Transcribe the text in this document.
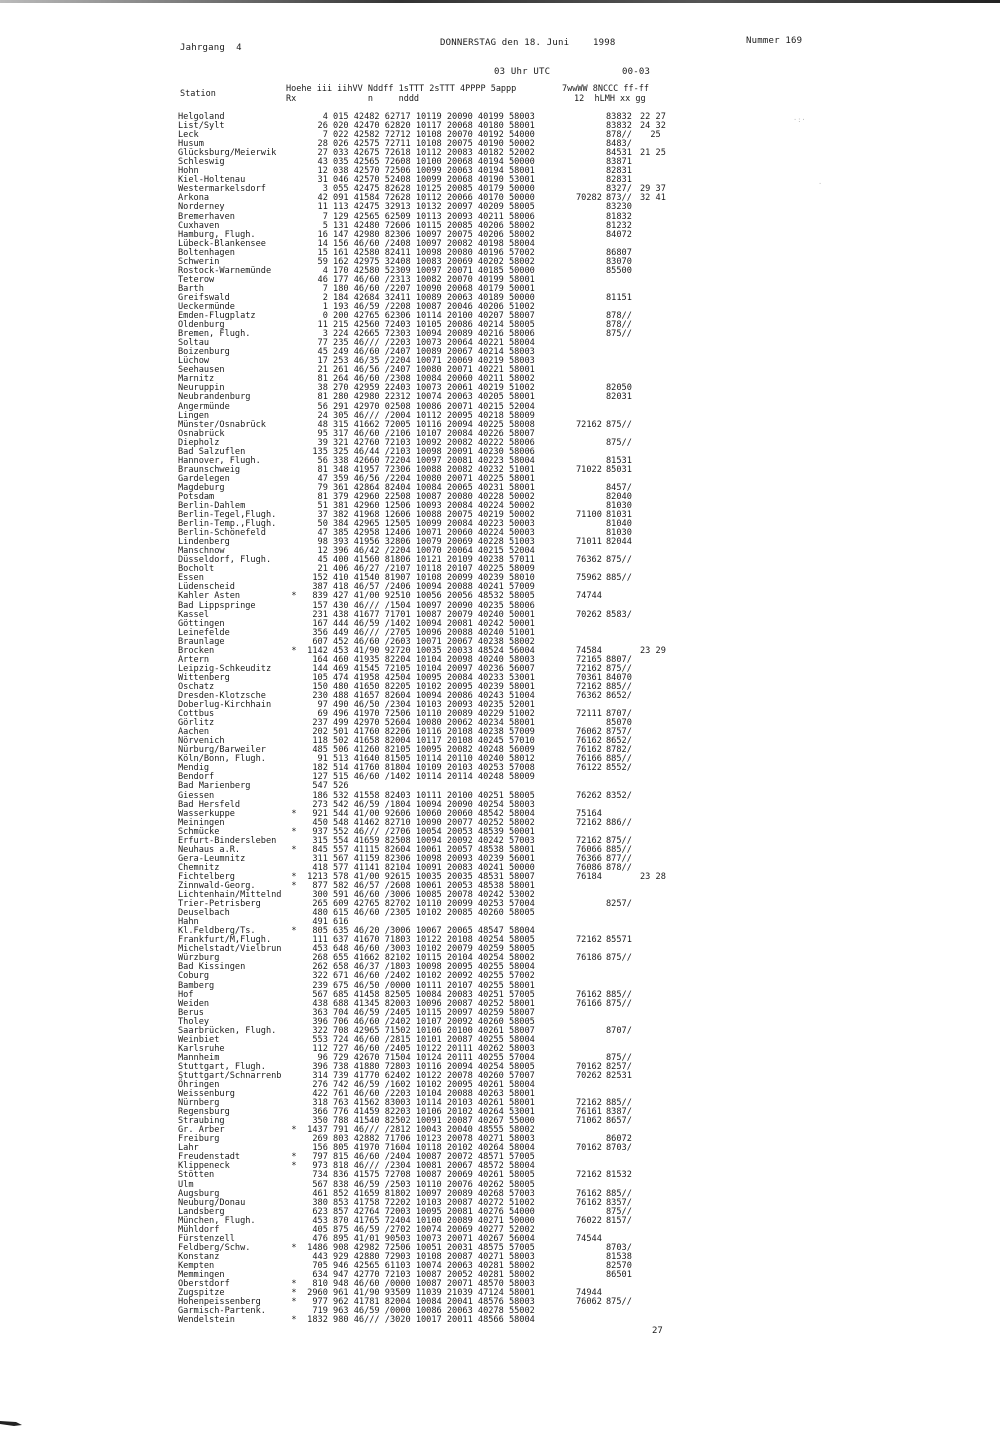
Jahrgang  4	DONNERSTAG den 18. Juni	1998	Nummer 169
03 Uhr UTC	00-03
Station	Hoehe iii iihVV Nddff 1sTTT 2sTTT 4PPPP 5appp
Rx              n     nddd
7wwWW 8NCCC ff-ff
12  hLMH xx gg
Helgoland		4 015 42482 62717 10119 20090 40199 58003		83832	22 27
List/Sylt		26 020 42470 62820 10117 20068 40180 58001		83832	24 32
Leck		7 022 42582 72712 10108 20070 40192 54000		878//	25
Husum		28 026 42575 72711 10108 20075 40190 50002		8483/	
Glücksburg/Meierwik		27 033 42675 72618 10112 20083 40182 52002		84531	21 25
Schleswig		43 035 42565 72608 10100 20068 40194 50000		83871	
Hohn		12 038 42570 72506 10099 20063 40194 58001		82831	
Kiel-Holtenau		31 046 42570 52408 10099 20068 40190 53001		82831	
Westermarkelsdorf		3 055 42475 82628 10125 20085 40179 50000		8327/	29 37
Arkona		42 091 41584 72628 10112 20066 40170 50000	70282	873//	32 41
Norderney		11 113 42475 32913 10132 20097 40209 58005		83230	
Bremerhaven		7 129 42565 62509 10113 20093 40211 58006		81832	
Cuxhaven		5 131 42480 72606 10115 20085 40206 58002		81232	
Hamburg, Flugh.		16 147 42980 82306 10097 20075 40206 58002		84072	
Lübeck-Blankensee		14 156 46/60 /2408 10097 20082 40198 58004			
Boltenhagen		15 161 42580 82411 10098 20080 40196 57002		86807	
Schwerin		59 162 42975 32408 10083 20069 40202 58002		83070	
Rostock-Warnemünde		4 170 42580 52309 10097 20071 40185 50000		85500	
Teterow		46 177 46/60 /2313 10082 20070 40199 58001			
Barth		7 180 46/60 /2207 10090 20068 40179 50001			
Greifswald		2 184 42684 32411 10089 20063 40189 50000		81151	
Ueckermünde		1 193 46/59 /2208 10087 20046 40206 51002			
Emden-Flugplatz		0 200 42765 62306 10114 20100 40207 58007		878//	
Oldenburg		11 215 42560 72403 10105 20086 40214 58005		878//	
Bremen, Flugh.		3 224 42665 72303 10094 20089 40216 58006		875//	
Soltau		77 235 46/// /2203 10073 20064 40221 58004			
Boizenburg		45 249 46/60 /2407 10089 20067 40214 58003			
Lüchow		17 253 46/35 /2204 10071 20069 40219 58003			
Seehausen		21 261 46/56 /2407 10080 20071 40221 58001			
Marnitz		81 264 46/60 /2308 10084 20060 40211 58002			
Neuruppin		38 270 42959 22403 10073 20061 40219 51002		82050	
Neubrandenburg		81 280 42980 22312 10074 20063 40205 58001		82031	
Angermünde		56 291 42970 02508 10086 20071 40215 52004			
Lingen		24 305 46/// /2004 10112 20095 40218 58009			
Münster/Osnabrück		48 315 41662 72005 10116 20094 40225 58008	72162	875//	
Osnabrück		95 317 46/60 /2106 10107 20084 40226 58007			
Diepholz		39 321 42760 72103 10092 20082 40222 58006		875//	
Bad Salzuflen		135 325 46/44 /2103 10098 20091 40230 58006			
Hannover, Flugh.		56 338 42660 72204 10097 20081 40223 58004		81531	
Braunschweig		81 348 41957 72306 10088 20082 40232 51001	71022	85031	
Gardelegen		47 359 46/56 /2204 10080 20071 40225 58001			
Magdeburg		79 361 42864 82404 10084 20065 40231 58001		8457/	
Potsdam		81 379 42960 22508 10087 20080 40228 50002		82040	
Berlin-Dahlem		51 381 42960 12506 10093 20084 40224 50002		81030	
Berlin-Tegel,Flugh.		37 382 41968 12606 10088 20075 40219 50002	71100	81031	
Berlin-Temp.,Flugh.		50 384 42965 12505 10099 20084 40223 50003		81040	
Berlin-Schönefeld		47 385 42958 12406 10071 20060 40224 50003		81030	
Lindenberg		98 393 41956 32806 10079 20069 40228 51003	71011	82044	
Manschnow		12 396 46/42 /2204 10070 20064 40215 52004			
Düsseldorf, Flugh.		45 400 41560 81806 10121 20109 40238 57011	76362	875//	
Bocholt		21 406 46/27 /2107 10118 20107 40225 58009			
Essen		152 410 41540 81907 10108 20099 40239 58010	75962	885//	
Lüdenscheid		387 418 46/57 /2406 10094 20088 40241 57009			
Kahler Asten	*	839 427 41/00 92510 10056 20056 48532 58005	74744		
Bad Lippspringe		157 430 46/// /1504 10097 20090 40235 58006			
Kassel		231 438 41677 71701 10087 20079 40240 50001	70262	8583/	
Göttingen		167 444 46/59 /1402 10094 20081 40242 50001			
Leinefelde		356 449 46/// /2705 10096 20088 40240 51001			
Braunlage		607 452 46/60 /2603 10071 20067 40238 58002			
Brocken	*	1142 453 41/90 92720 10035 20033 48524 56004	74584		23 29
Artern		164 460 41935 82204 10104 20098 40240 58003	72165	8807/	
Leipzig-Schkeuditz		144 469 41545 72105 10104 20097 40236 56007	72162	875//	
Wittenberg		105 474 41958 42504 10095 20084 40233 53001	70361	84070	
Oschatz		150 480 41650 82205 10102 20095 40239 58001	72162	885//	
Dresden-Klotzsche		230 488 41657 82604 10094 20086 40243 51004	76362	8652/	
Doberlug-Kirchhain		97 490 46/50 /2304 10103 20093 40235 52001			
Cottbus		69 496 41970 72506 10110 20089 40229 51002	72111	8707/	
Görlitz		237 499 42970 52604 10080 20062 40234 58001		85070	
Aachen		202 501 41760 82206 10116 20108 40238 57009	76062	8757/	
Nörvenich		118 502 41658 82004 10117 20108 40245 57010	76162	8652/	
Nürburg/Barweiler		485 506 41260 82105 10095 20082 40248 56009	76162	8782/	
Köln/Bonn, Flugh.		91 513 41640 81505 10114 20110 40240 58012	76166	885//	
Mendig		182 514 41760 81804 10109 20103 40253 57008	76122	8552/	
Bendorf		127 515 46/60 /1402 10114 20114 40248 58009			
Bad Marienberg		547 526			
Giessen		186 532 41558 82403 10111 20100 40251 58005	76262	8352/	
Bad Hersfeld		273 542 46/59 /1804 10094 20090 40254 58003			
Wasserkuppe	*	921 544 41/00 92606 10060 20060 48542 58004	75164		
Meiningen		450 548 41462 82710 10090 20077 40252 58002	72162	886//	
Schmücke	*	937 552 46/// /2706 10054 20053 48539 50001			
Erfurt-Bindersleben		315 554 41659 82508 10094 20092 40242 57003	72162	875//	
Neuhaus a.R.	*	845 557 41115 82604 10061 20057 48538 58001	76066	885//	
Gera-Leumnitz		311 567 41159 82306 10098 20093 40239 56001	76366	877//	
Chemnitz		418 577 41141 82104 10091 20083 40241 50000	76086	878//	
Fichtelberg	*	1213 578 41/00 92615 10035 20035 48531 58007	76184		23 28
Zinnwald-Georg.	*	877 582 46/57 /2608 10061 20053 48538 58001			
Lichtenhain/Mittelnd		300 591 46/60 /3006 10085 20078 40242 53002			
Trier-Petrisberg		265 609 42765 82702 10110 20099 40253 57004		8257/	
Deuselbach		480 615 46/60 /2305 10102 20085 40260 58005			
Hahn		491 616			
Kl.Feldberg/Ts.	*	805 635 46/20 /3006 10067 20065 48547 58004			
Frankfurt/M,Flugh.		111 637 41670 71803 10122 20108 40254 58005	72162	85571	
Michelstadt/Vielbrun		453 648 46/60 /3003 10102 20079 40259 58005			
Würzburg		268 655 41662 82102 10115 20104 40254 58002	76186	875//	
Bad Kissingen		262 658 46/37 /1803 10098 20095 40255 58004			
Coburg		322 671 46/60 /2402 10102 20092 40255 57002			
Bamberg		239 675 46/50 /0000 10111 20107 40255 58001			
Hof		567 685 41458 82505 10084 20083 40251 57005	76162	885//	
Weiden		438 688 41345 82003 10096 20087 40252 58001	76166	875//	
Berus		363 704 46/59 /2405 10115 20097 40259 58007			
Tholey		396 706 46/60 /2402 10107 20092 40260 58005			
Saarbrücken, Flugh.		322 708 42965 71502 10106 20100 40261 58007		8707/	
Weinbiet		553 724 46/60 /2815 10101 20087 40255 58004			
Karlsruhe		112 727 46/60 /2405 10122 20111 40262 58003			
Mannheim		96 729 42670 71504 10124 20111 40255 57004		875//	
Stuttgart, Flugh.		396 738 41880 72803 10116 20094 40254 58005	70162	8257/	
Stuttgart/Schnarrenb		314 739 41770 62402 10122 20078 40260 57007	70262	82531	
Öhringen		276 742 46/59 /1602 10102 20095 40261 58004			
Weissenburg		422 761 46/60 /2203 10104 20088 40263 58001			
Nürnberg		318 763 41562 83003 10114 20103 40261 58001	72162	885//	
Regensburg		366 776 41459 82203 10106 20102 40264 53001	76161	8387/	
Straubing		350 788 41540 82502 10091 20087 40267 55000	71062	8657/	
Gr. Arber	*	1437 791 46/// /2812 10043 20040 48555 58002			
Freiburg		269 803 42882 71706 10123 20078 40271 58003		86072	
Lahr		156 805 41970 71604 10118 20102 40264 58004	70162	8703/	
Freudenstadt	*	797 815 46/60 /2404 10087 20072 48571 57005			
Klippeneck	*	973 818 46/// /2304 10081 20067 48572 58004			
Stötten		734 836 41575 72708 10087 20069 40261 58005	72162	81532	
Ulm		567 838 46/59 /2503 10110 20076 40262 58005			
Augsburg		461 852 41659 81802 10097 20089 40268 57003	76162	885//	
Neuburg/Donau		380 853 41758 72202 10103 20087 40272 51002	76162	8357/	
Landsberg		623 857 42764 72003 10095 20081 40276 54000		875//	
München, Flugh.		453 870 41765 72404 10100 20089 40271 50000	76022	8157/	
Mühldorf		405 875 46/59 /2702 10074 20069 40277 52002			
Fürstenzell		476 895 41/01 90503 10073 20071 40267 56004	74544		
Feldberg/Schw.	*	1486 908 42982 72506 10051 20031 48575 57005		8703/	
Konstanz		443 929 42880 72903 10108 20087 40271 58003		81538	
Kempten		705 946 42565 61103 10074 20063 40281 58002		82570	
Memmingen		634 947 42770 72103 10087 20052 40281 58002		86501	
Oberstdorf	*	810 948 46/60 /0000 10087 20071 48570 58003			
Zugspitze	*	2960 961 41/90 93509 11039 21039 47124 58001	74944		
Hohenpeissenberg	*	977 962 41781 82004 10084 20041 48576 58003	76062	875//	
Garmisch-Partenk.		719 963 46/59 /0000 10086 20063 40278 55002			
Wendelstein	*	1832 980 46/// /3020 10017 20011 48566 58004			
27
·:·
·
